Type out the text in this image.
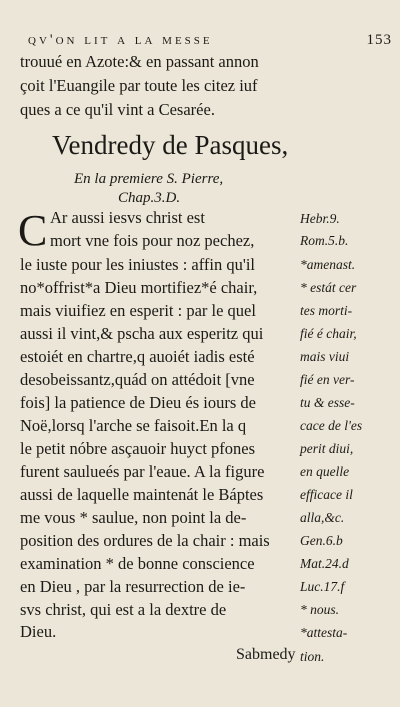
qv'on lit a la messe	153
trouué en Azote:& en passant annon
çoit l'Euangile par toute les citez iuf
ques a ce qu'il vint a Cesarée.
Vendredy de Pasques,
En la premiere S. Pierre,
Chap.3.D.
C Ar aussi iesvs christ est
mort vne fois pour noz pechez,
le iuste pour les iniustes : affin qu'il
no*offrist*a Dieu mortifiez*é chair,
mais viuifiez en esperit : par le quel
aussi il vint,& pscha aux esperitz qui
estoiét en chartre,q auoiét iadis esté
desobeissantz,quád on attédoit [vne
fois] la patience de Dieu és iours de
Noë,lorsq l'arche se faisoit.En la q
le petit nóbre asçauoir huyct pfones
furent saulueés par l'eaue. A la figure
aussi de laquelle maintenát le Báptes
me vous * saulue, non point la de-
position des ordures de la chair : mais
examination * de bonne conscience
en Dieu , par la resurrection de ie-
svs christ, qui est a la dextre de
Dieu.
Hebr.9.
Rom.5.b.
*amenast.
* estát cer
tes morti-
fié é chair,
mais viui
fié en ver-
tu & esse-
cace de l'es
perit diui,
en quelle
efficace il
alla,&c.
Gen.6.b
Mat.24.d
Luc.17.f
* nous.
*attesta-
tion.
Sabmedy
